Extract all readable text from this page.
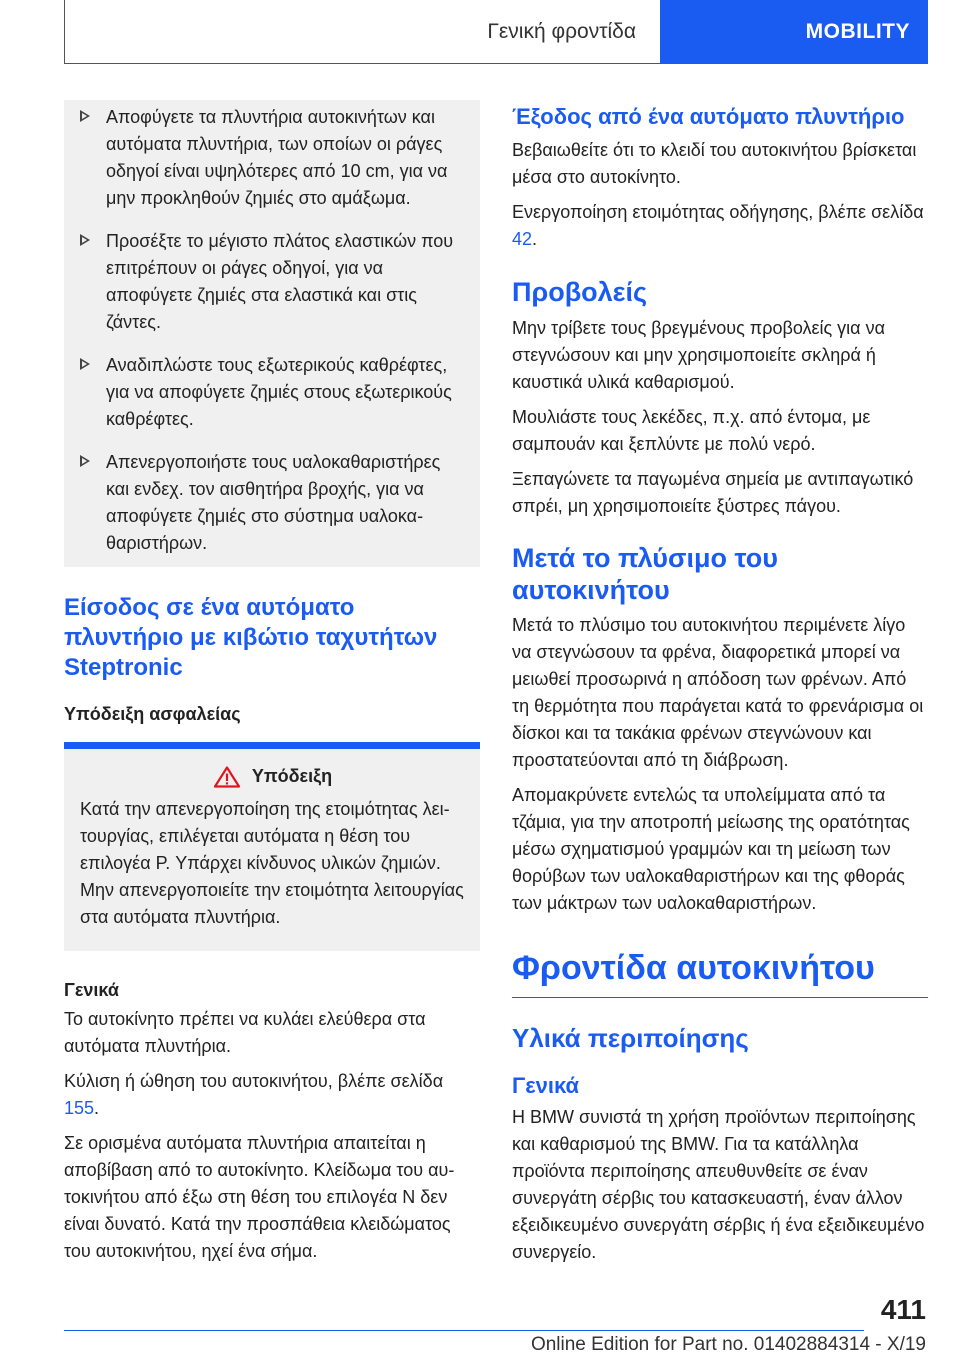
Γενική φροντίδα	MOBILITY
Αποφύγετε τα πλυντήρια αυτοκινήτων και αυτόματα πλυντήρια, των οποίων οι ράγες οδηγοί είναι υψηλότερες από 10 cm, για να μην προκληθούν ζημιές στο αμάξωμα.
Προσέξτε το μέγιστο πλάτος ελαστικών που επιτρέπουν οι ράγες οδηγοί, για να αποφύγετε ζημιές στα ελαστικά και στις ζάντες.
Αναδιπλώστε τους εξωτερικούς καθρέφτες, για να αποφύγετε ζημιές στους εξωτερικούς καθρέφτες.
Απενεργοποιήστε τους υαλοκαθαριστήρες και ενδεχ. τον αισθητήρα βροχής, για να αποφύγετε ζημιές στο σύστημα υαλοκαθαριστήρων.
Είσοδος σε ένα αυτόματο πλυντήριο με κιβώτιο ταχυτήτων Steptronic
Υπόδειξη ασφαλείας
Υπόδειξη

Κατά την απενεργοποίηση της ετοιμότητας λειτουργίας, επιλέγεται αυτόματα η θέση του επιλογέα P. Υπάρχει κίνδυνος υλικών ζημιών. Μην απενεργοποιείτε την ετοιμότητα λειτουργίας στα αυτόματα πλυντήρια.

Γενικά

Το αυτοκίνητο πρέπει να κυλάει ελεύθερα στα αυτόματα πλυντήρια.

Κύλιση ή ώθηση του αυτοκινήτου, βλέπε σελίδα 155.

Σε ορισμένα αυτόματα πλυντήρια απαιτείται η αποβίβαση από το αυτοκίνητο. Κλείδωμα του αυτοκινήτου από έξω στη θέση του επιλογέα N δεν είναι δυνατό. Κατά την προσπάθεια κλειδώματος του αυτοκινήτου, ηχεί ένα σήμα.

Έξοδος από ένα αυτόματο πλυντήριο

Βεβαιωθείτε ότι το κλειδί του αυτοκινήτου βρίσκεται μέσα στο αυτοκίνητο.

Ενεργοποίηση ετοιμότητας οδήγησης, βλέπε σελίδα 42.

Προβολείς

Μην τρίβετε τους βρεγμένους προβολείς για να στεγνώσουν και μην χρησιμοποιείτε σκληρά ή καυστικά υλικά καθαρισμού.

Μουλιάστε τους λεκέδες, π.χ. από έντομα, με σαμπουάν και ξεπλύντε με πολύ νερό.

Ξεπαγώνετε τα παγωμένα σημεία με αντιπαγωτικό σπρέι, μη χρησιμοποιείτε ξύστρες πάγου.

Μετά το πλύσιμο του αυτοκινήτου

Μετά το πλύσιμο του αυτοκινήτου περιμένετε λίγο να στεγνώσουν τα φρένα, διαφορετικά μπορεί να μειωθεί προσωρινά η απόδοση των φρένων. Από τη θερμότητα που παράγεται κατά το φρενάρισμα οι δίσκοι και τα τακάκια φρένων στεγνώνουν και προστατεύονται από τη διάβρωση.

Απομακρύνετε εντελώς τα υπολείμματα από τα τζάμια, για την αποτροπή μείωσης της ορατότητας μέσω σχηματισμού γραμμών και τη μείωση των θορύβων των υαλοκαθαριστήρων και της φθοράς των μάκτρων των υαλοκαθαριστήρων.

Φροντίδα αυτοκινήτου
Υλικά περιποίησης
Γενικά

Η BMW συνιστά τη χρήση προϊόντων περιποίησης και καθαρισμού της BMW. Για τα κατάλληλα προϊόντα περιποίησης απευθυνθείτε σε έναν συνεργάτη σέρβις του κατασκευαστή, έναν άλλον εξειδικευμένο συνεργάτη σέρβις ή ένα εξειδικευμένο συνεργείο.

411
Online Edition for Part no. 01402884314 - X/19
